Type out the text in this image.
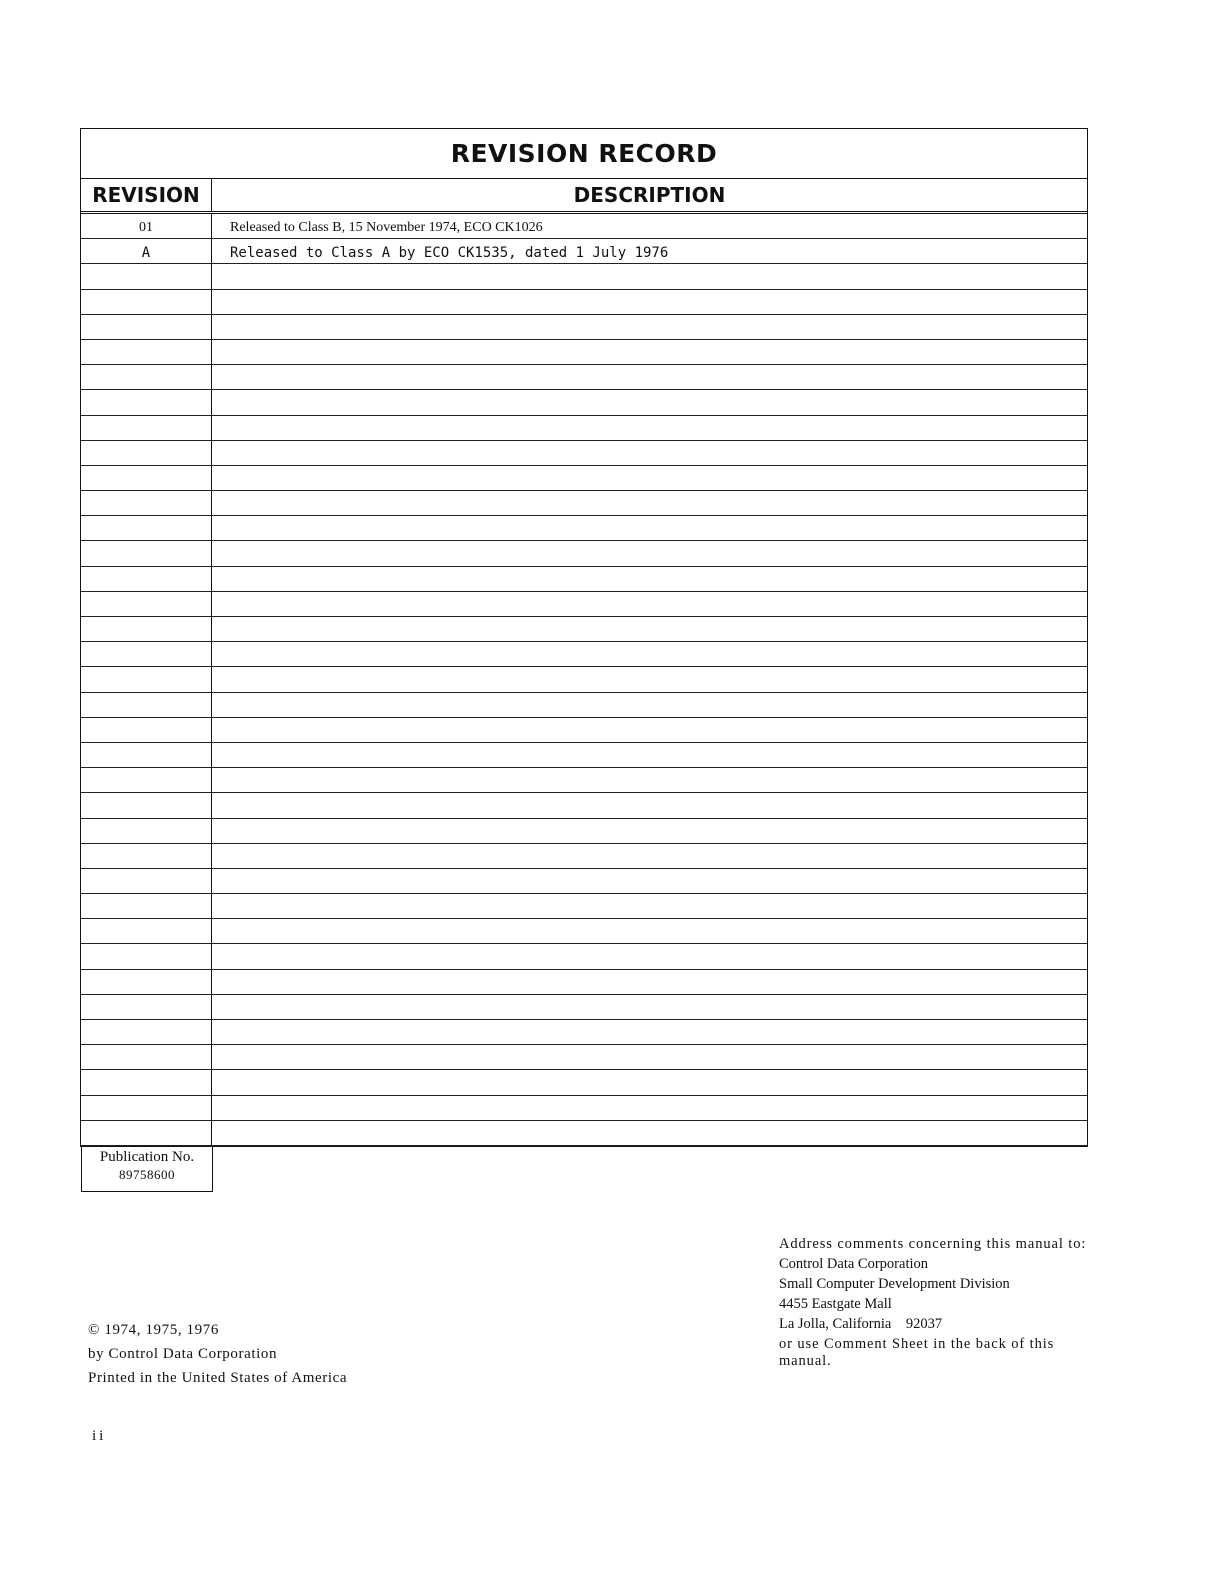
REVISION RECORD
REVISION	DESCRIPTION
01	Released to Class B, 15 November 1974, ECO CK1026
A	Released to Class A by ECO CK1535, dated 1 July 1976
Publication No.
89758600
© 1974, 1975, 1976
by Control Data Corporation
Printed in the United States of America
Address comments concerning this manual to:
Control Data Corporation
Small Computer Development Division
4455 Eastgate Mall
La Jolla, California 92037
or use Comment Sheet in the back of this manual.
ii
